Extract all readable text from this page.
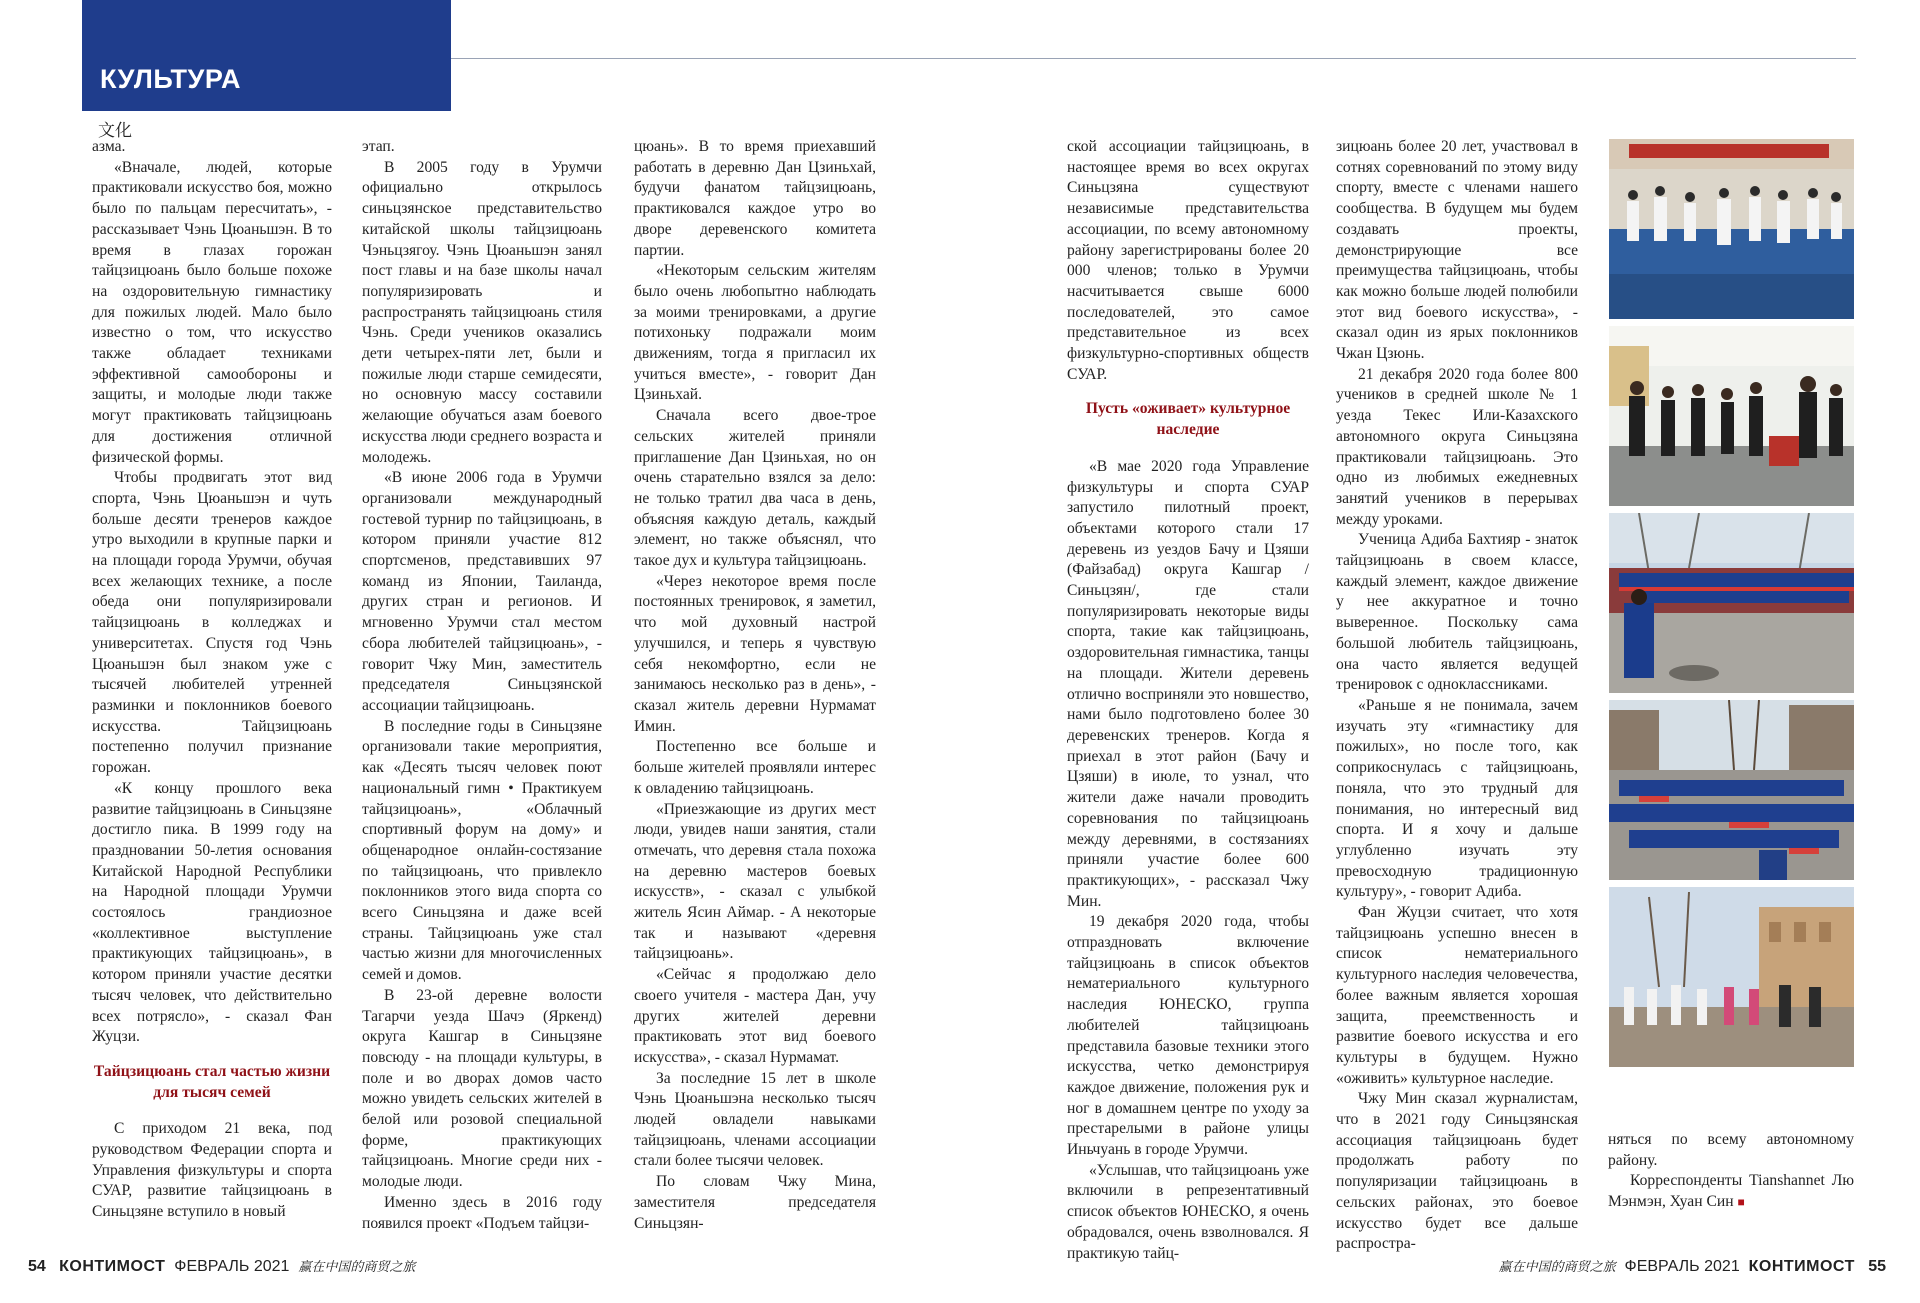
КУЛЬТУРА
文化

азма.

«Вначале, людей, которые практиковали искусство боя, можно было по пальцам пересчитать», - рассказывает Чэнь Цюаньшэн. В то время в глазах горожан тайцзицюань было больше похоже на оздоровительную гимнастику для пожилых людей. Мало было известно о том, что искусство также обладает техниками эффективной самообороны и защиты, и молодые люди также могут практиковать тайцзицюань для достижения отличной физической формы.

Чтобы продвигать этот вид спорта, Чэнь Цюаньшэн и чуть больше десяти тренеров каждое утро выходили в крупные парки и на площади города Урумчи, обучая всех желающих технике, а после обеда они популяризировали тайцзицюань в колледжах и университетах. Спустя год Чэнь Цюаньшэн был знаком уже с тысячей любителей утренней разминки и поклонников боевого искусства. Тайцзицюань постепенно получил признание горожан.

«К концу прошлого века развитие тайцзицюань в Синьцзяне достигло пика. В 1999 году на праздновании 50-летия основания Китайской Народной Республики на Народной площади Урумчи состоялось грандиозное «коллективное выступление практикующих тайцзицюань», в котором приняли участие десятки тысяч человек, что действительно всех потрясло», - сказал Фан Жуцзи.

Тайцзицюань стал частью жизни для тысяч семей

С приходом 21 века, под руководством Федерации спорта и Управления физкультуры и спорта СУАР, развитие тайцзицюань в Синьцзяне вступило в новый

этап.

В 2005 году в Урумчи официально открылось синьцзянское представительство китайской школы тайцзицюань Чэньцзягоу. Чэнь Цюаньшэн занял пост главы и на базе школы начал популяризировать и распространять тайцзицюань стиля Чэнь. Среди учеников оказались дети четырех-пяти лет, были и пожилые люди старше семидесяти, но основную массу составили желающие обучаться азам боевого искусства люди среднего возраста и молодежь.

«В июне 2006 года в Урумчи организовали международный гостевой турнир по тайцзицюань, в котором приняли участие 812 спортсменов, представивших 97 команд из Японии, Таиланда, других стран и регионов. И мгновенно Урумчи стал местом сбора любителей тайцзицюань», - говорит Чжу Мин, заместитель председателя Синьцзянской ассоциации тайцзицюань.

В последние годы в Синьцзяне организовали такие мероприятия, как «Десять тысяч человек поют национальный гимн • Практикуем тайцзицюань», «Облачный спортивный форум на дому» и общенародное онлайн-состязание по тайцзицюань, что привлекло поклонников этого вида спорта со всего Синьцзяна и даже всей страны. Тайцзицюань уже стал частью жизни для многочисленных семей и домов.

В 23-ой деревне волости Тагарчи уезда Шачэ (Яркенд) округа Кашгар в Синьцзяне повсюду - на площади культуры, в поле и во дворах домов часто можно увидеть сельских жителей в белой или розовой специальной форме, практикующих тайцзицюань. Многие среди них - молодые люди.

Именно здесь в 2016 году появился проект «Подъем тайцзи-

цюань». В то время приехавший работать в деревню Дан Цзиньхай, будучи фанатом тайцзицюань, практиковался каждое утро во дворе деревенского комитета партии.

«Некоторым сельским жителям было очень любопытно наблюдать за моими тренировками, а другие потихоньку подражали моим движениям, тогда я пригласил их учиться вместе», - говорит Дан Цзиньхай.

Сначала всего двое-трое сельских жителей приняли приглашение Дан Цзиньхая, но он очень старательно взялся за дело: не только тратил два часа в день, объясняя каждую деталь, каждый элемент, но также объяснял, что такое дух и культура тайцзицюань.

«Через некоторое время после постоянных тренировок, я заметил, что мой духовный настрой улучшился, и теперь я чувствую себя некомфортно, если не занимаюсь несколько раз в день», - сказал житель деревни Нурмамат Имин.

Постепенно все больше и больше жителей проявляли интерес к овладению тайцзицюань.

«Приезжающие из других мест люди, увидев наши занятия, стали отмечать, что деревня стала похожа на деревню мастеров боевых искусств», - сказал с улыбкой житель Ясин Аймар. - А некоторые так и называют «деревня тайцзицюань».

«Сейчас я продолжаю дело своего учителя - мастера Дан, учу других жителей деревни практиковать этот вид боевого искусства», - сказал Нурмамат.

За последние 15 лет в школе Чэнь Цюаньшэна несколько тысяч людей овладели навыками тайцзицюань, членами ассоциации стали более тысячи человек.

По словам Чжу Мина, заместителя председателя Синьцзян-

ской ассоциации тайцзицюань, в настоящее время во всех округах Синьцзяна существуют независимые представительства ассоциации, по всему автономному району зарегистрированы более 20 000 членов; только в Урумчи насчитывается свыше 6000 последователей, это самое представительное из всех физкультурно-спортивных обществ СУАР.

Пусть «оживает» культурное наследие

«В мае 2020 года Управление физкультуры и спорта СУАР запустило пилотный проект, объектами которого стали 17 деревень из уездов Бачу и Цзяши (Файзабад) округа Кашгар /Синьцзян/, где стали популяризировать некоторые виды спорта, такие как тайцзицюань, оздоровительная гимнастика, танцы на площади. Жители деревень отлично восприняли это новшество, нами было подготовлено более 30 деревенских тренеров. Когда я приехал в этот район (Бачу и Цзяши) в июле, то узнал, что жители даже начали проводить соревнования по тайцзицюань между деревнями, в состязаниях приняли участие более 600 практикующих», - рассказал Чжу Мин.

19 декабря 2020 года, чтобы отпраздновать включение тайцзицюань в список объектов нематериального культурного наследия ЮНЕСКО, группа любителей тайцзицюань представила базовые техники этого искусства, четко демонстрируя каждое движение, положения рук и ног в домашнем центре по уходу за престарелыми в районе улицы Иньчуань в городе Урумчи.

«Услышав, что тайцзицюань уже включили в репрезентативный список объектов ЮНЕСКО, я очень обрадовался, очень взволновался. Я практикую тайц-

зицюань более 20 лет, участвовал в сотнях соревнований по этому виду спорту, вместе с членами нашего сообщества. В будущем мы будем создавать проекты, демонстрирующие все преимущества тайцзицюань, чтобы как можно больше людей полюбили этот вид боевого искусства», - сказал один из ярых поклонников Чжан Цзюнь.

21 декабря 2020 года более 800 учеников в средней школе № 1 уезда Текес Или-Казахского автономного округа Синьцзяна практиковали тайцзицюань. Это одно из любимых ежедневных занятий учеников в перерывах между уроками.

Ученица Адиба Бахтияр - знаток тайцзицюань в своем классе, каждый элемент, каждое движение у нее аккуратное и точно выверенное. Поскольку сама большой любитель тайцзицюань, она часто является ведущей тренировок с одноклассниками.

«Раньше я не понимала, зачем изучать эту «гимнастику для пожилых», но после того, как соприкоснулась с тайцзицюань, поняла, что это трудный для понимания, но интересный вид спорта. И я хочу и дальше углубленно изучать эту превосходную традиционную культуру», - говорит Адиба.

Фан Жуцзи считает, что хотя тайцзицюань успешно внесен в список нематериального культурного наследия человечества, более важным является хорошая защита, преемственность и развитие боевого искусства и его культуры в будущем. Нужно «оживить» культурное наследие.

Чжу Мин сказал журналистам, что в 2021 году Синьцзянская ассоциация тайцзицюань будет продолжать работу по популяризации тайцзицюань в сельских районах, это боевое искусство будет все дальше распростра-

няться по всему автономному району.

Корреспонденты Tianshannet Лю Мэнмэн, Хуан Син ■

54 КОНТИМОСТ ФЕВРАЛЬ 2021 赢在中国的商贸之旅	赢在中国的商贸之旅 ФЕВРАЛЬ 2021 КОНТИМОСТ 55
